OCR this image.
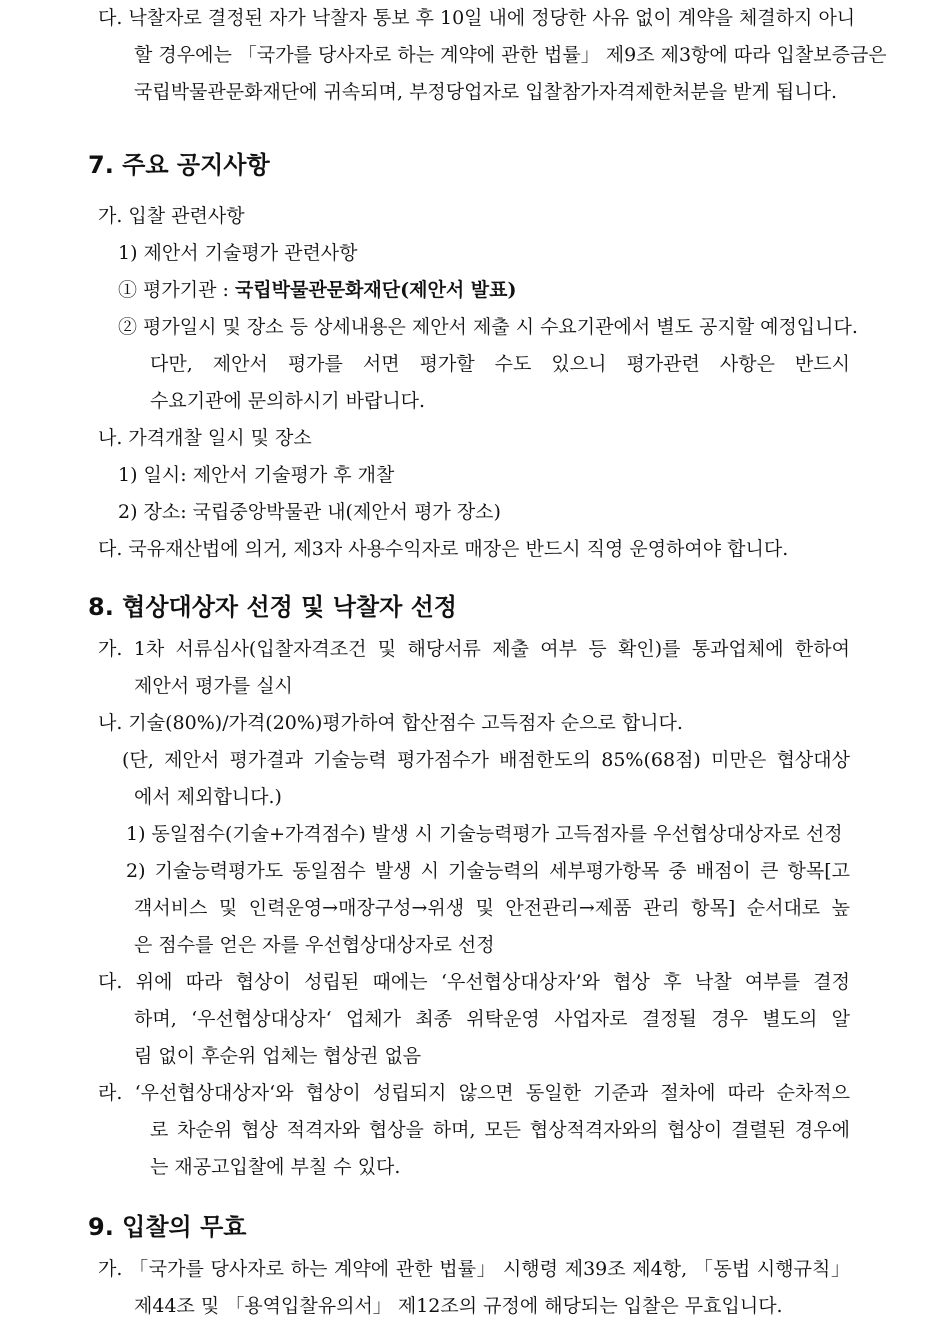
다. 낙찰자로 결정된 자가 낙찰자 통보 후 10일 내에 정당한 사유 없이 계약을 체결하지 아니
할 경우에는 「국가를 당사자로 하는 계약에 관한 법률」 제9조 제3항에 따라 입찰보증금은
국립박물관문화재단에 귀속되며, 부정당업자로 입찰참가자격제한처분을 받게 됩니다.
7. 주요 공지사항
가. 입찰 관련사항
1) 제안서 기술평가 관련사항
① 평가기관 : 국립박물관문화재단(제안서 발표)
② 평가일시 및 장소 등 상세내용은 제안서 제출 시 수요기관에서 별도 공지할 예정입니다.
다만, 제안서 평가를 서면 평가할 수도 있으니 평가관련 사항은 반드시
수요기관에 문의하시기 바랍니다.
나. 가격개찰 일시 및 장소
1) 일시: 제안서 기술평가 후 개찰
2) 장소: 국립중앙박물관 내(제안서 평가 장소)
다. 국유재산법에 의거, 제3자 사용수익자로 매장은 반드시 직영 운영하여야 합니다.
8. 협상대상자 선정 및 낙찰자 선정
가. 1차 서류심사(입찰자격조건 및 해당서류 제출 여부 등 확인)를 통과업체에 한하여
제안서 평가를 실시
나. 기술(80%)/가격(20%)평가하여 합산점수 고득점자 순으로 합니다.
(단, 제안서 평가결과 기술능력 평가점수가 배점한도의 85%(68점) 미만은 협상대상
에서 제외합니다.)
1) 동일점수(기술+가격점수) 발생 시 기술능력평가 고득점자를 우선협상대상자로 선정
2) 기술능력평가도 동일점수 발생 시 기술능력의 세부평가항목 중 배점이 큰 항목[고
객서비스 및 인력운영→매장구성→위생 및 안전관리→제품 관리 항목] 순서대로 높
은 점수를 얻은 자를 우선협상대상자로 선정
다. 위에 따라 협상이 성립된 때에는 ‘우선협상대상자’와 협상 후 낙찰 여부를 결정
하며, ‘우선협상대상자‘ 업체가 최종 위탁운영 사업자로 결정될 경우 별도의 알
림 없이 후순위 업체는 협상권 없음
라. ‘우선협상대상자‘와 협상이 성립되지 않으면 동일한 기준과 절차에 따라 순차적으
로 차순위 협상 적격자와 협상을 하며, 모든 협상적격자와의 협상이 결렬된 경우에
는 재공고입찰에 부칠 수 있다.
9. 입찰의 무효
가. 「국가를 당사자로 하는 계약에 관한 법률」 시행령 제39조 제4항, 「동법 시행규칙」
제44조 및 「용역입찰유의서」 제12조의 규정에 해당되는 입찰은 무효입니다.
